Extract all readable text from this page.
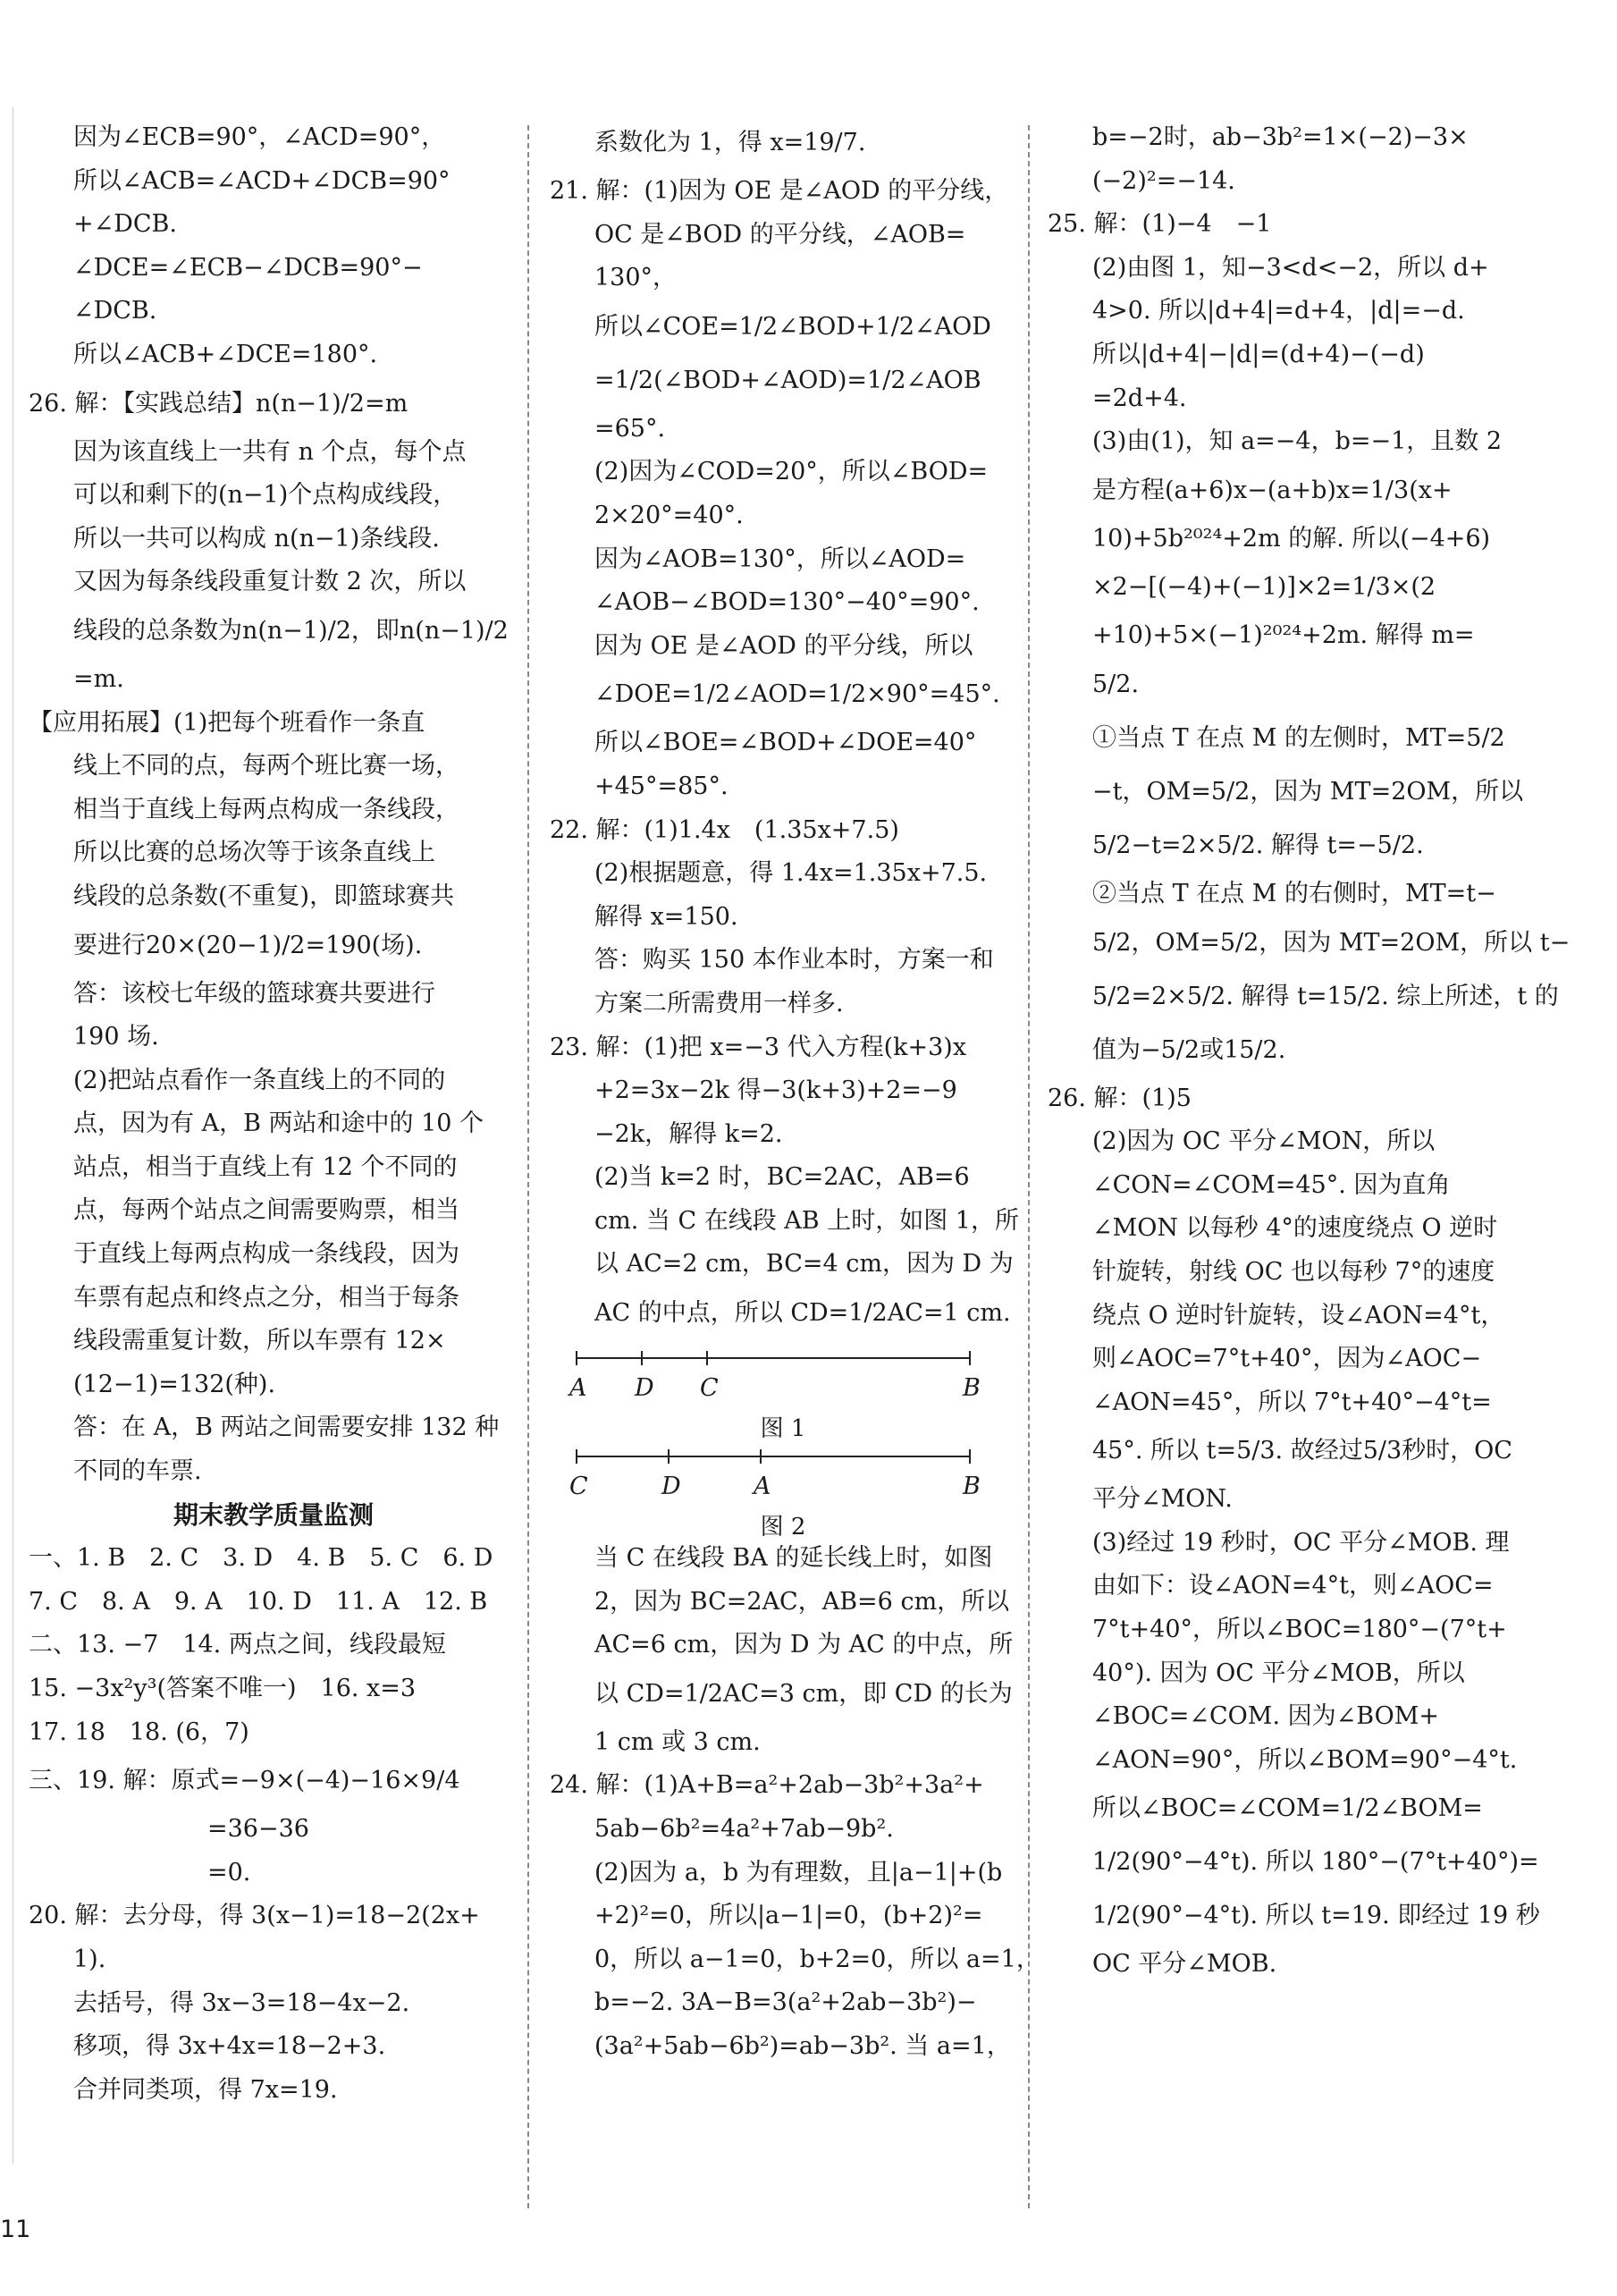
因为∠ECB=90°，∠ACD=90°，
所以∠ACB=∠ACD+∠DCB=90°
+∠DCB.
∠DCE=∠ECB−∠DCB=90°−
∠DCB.
所以∠ACB+∠DCE=180°.
26. 解：【实践总结】n(n−1)/2=m
因为该直线上一共有 n 个点，每个点
可以和剩下的(n−1)个点构成线段，
所以一共可以构成 n(n−1)条线段.
又因为每条线段重复计数 2 次，所以
线段的总条数为n(n−1)/2，即n(n−1)/2
=m.
【应用拓展】(1)把每个班看作一条直
线上不同的点，每两个班比赛一场，
相当于直线上每两点构成一条线段，
所以比赛的总场次等于该条直线上
线段的总条数(不重复)，即篮球赛共
要进行20×(20−1)/2=190(场).
答：该校七年级的篮球赛共要进行
190 场.
(2)把站点看作一条直线上的不同的
点，因为有 A，B 两站和途中的 10 个
站点，相当于直线上有 12 个不同的
点，每两个站点之间需要购票，相当
于直线上每两点构成一条线段，因为
车票有起点和终点之分，相当于每条
线段需重复计数，所以车票有 12×
(12−1)=132(种).
答：在 A，B 两站之间需要安排 132 种
不同的车票.
期末教学质量监测
一、1. B　2. C　3. D　4. B　5. C　6. D
7. C　8. A　9. A　10. D　11. A　12. B
二、13. −7　14. 两点之间，线段最短
15. −3x²y³(答案不唯一)　16. x=3
17. 18　18. (6，7)
三、19. 解：原式=−9×(−4)−16×9/4
=36−36
=0.
20. 解：去分母，得 3(x−1)=18−2(2x+
1).
去括号，得 3x−3=18−4x−2.
移项，得 3x+4x=18−2+3.
合并同类项，得 7x=19.
系数化为 1，得 x=19/7.
21. 解：(1)因为 OE 是∠AOD 的平分线，
OC 是∠BOD 的平分线，∠AOB=
130°，
所以∠COE=1/2∠BOD+1/2∠AOD
=1/2(∠BOD+∠AOD)=1/2∠AOB
=65°.
(2)因为∠COD=20°，所以∠BOD=
2×20°=40°.
因为∠AOB=130°，所以∠AOD=
∠AOB−∠BOD=130°−40°=90°.
因为 OE 是∠AOD 的平分线，所以
∠DOE=1/2∠AOD=1/2×90°=45°.
所以∠BOE=∠BOD+∠DOE=40°
+45°=85°.
22. 解：(1)1.4x　(1.35x+7.5)
(2)根据题意，得 1.4x=1.35x+7.5.
解得 x=150.
答：购买 150 本作业本时，方案一和
方案二所需费用一样多.
23. 解：(1)把 x=−3 代入方程(k+3)x
+2=3x−2k 得−3(k+3)+2=−9
−2k，解得 k=2.
(2)当 k=2 时，BC=2AC，AB=6
cm. 当 C 在线段 AB 上时，如图 1，所
以 AC=2 cm，BC=4 cm，因为 D 为
AC 的中点，所以 CD=1/2AC=1 cm.
A D C	B
图 1
C	D	A	B
图 2
当 C 在线段 BA 的延长线上时，如图
2，因为 BC=2AC，AB=6 cm，所以
AC=6 cm，因为 D 为 AC 的中点，所
以 CD=1/2AC=3 cm，即 CD 的长为
1 cm 或 3 cm.
24. 解：(1)A+B=a²+2ab−3b²+3a²+
5ab−6b²=4a²+7ab−9b².
(2)因为 a，b 为有理数，且|a−1|+(b
+2)²=0，所以|a−1|=0，(b+2)²=
0，所以 a−1=0，b+2=0，所以 a=1，
b=−2. 3A−B=3(a²+2ab−3b²)−
(3a²+5ab−6b²)=ab−3b². 当 a=1，
b=−2时，ab−3b²=1×(−2)−3×
(−2)²=−14.
25. 解：(1)−4　−1
(2)由图 1，知−3<d<−2，所以 d+
4>0. 所以|d+4|=d+4，|d|=−d.
所以|d+4|−|d|=(d+4)−(−d)
=2d+4.
(3)由(1)，知 a=−4，b=−1，且数 2
是方程(a+6)x−(a+b)x=1/3(x+
10)+5b²⁰²⁴+2m 的解. 所以(−4+6)
×2−[(−4)+(−1)]×2=1/3×(2
+10)+5×(−1)²⁰²⁴+2m. 解得 m=
5/2.
①当点 T 在点 M 的左侧时，MT=5/2
−t，OM=5/2，因为 MT=2OM，所以
5/2−t=2×5/2. 解得 t=−5/2.
②当点 T 在点 M 的右侧时，MT=t−
5/2，OM=5/2，因为 MT=2OM，所以 t−
5/2=2×5/2. 解得 t=15/2. 综上所述，t 的
值为−5/2或15/2.
26. 解：(1)5
(2)因为 OC 平分∠MON，所以
∠CON=∠COM=45°. 因为直角
∠MON 以每秒 4°的速度绕点 O 逆时
针旋转，射线 OC 也以每秒 7°的速度
绕点 O 逆时针旋转，设∠AON=4°t，
则∠AOC=7°t+40°，因为∠AOC−
∠AON=45°，所以 7°t+40°−4°t=
45°. 所以 t=5/3. 故经过5/3秒时，OC
平分∠MON.
(3)经过 19 秒时，OC 平分∠MOB. 理
由如下：设∠AON=4°t，则∠AOC=
7°t+40°，所以∠BOC=180°−(7°t+
40°). 因为 OC 平分∠MOB，所以
∠BOC=∠COM. 因为∠BOM+
∠AON=90°，所以∠BOM=90°−4°t.
所以∠BOC=∠COM=1/2∠BOM=
1/2(90°−4°t). 所以 180°−(7°t+40°)=
1/2(90°−4°t). 所以 t=19. 即经过 19 秒
OC 平分∠MOB.
11
